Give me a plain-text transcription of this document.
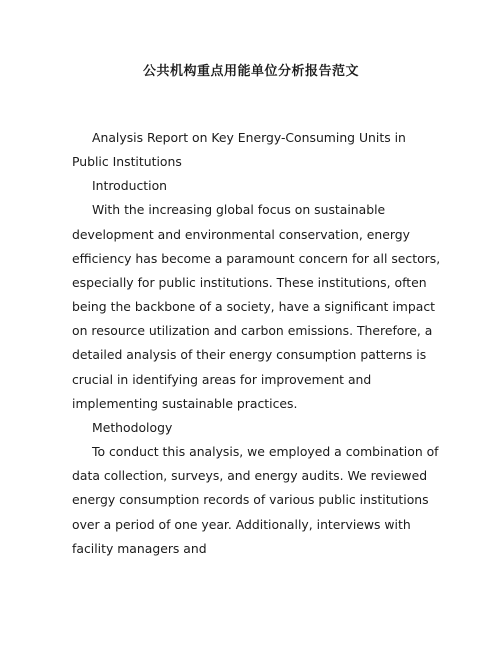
公共机构重点用能单位分析报告范文

Analysis Report on Key Energy-Consuming Units in Public Institutions

Introduction

With the increasing global focus on sustainable development and environmental conservation, energy efficiency has become a paramount concern for all sectors, especially for public institutions. These institutions, often being the backbone of a society, have a significant impact on resource utilization and carbon emissions. Therefore, a detailed analysis of their energy consumption patterns is crucial in identifying areas for improvement and implementing sustainable practices.

Methodology

To conduct this analysis, we employed a combination of data collection, surveys, and energy audits. We reviewed energy consumption records of various public institutions over a period of one year. Additionally, interviews with facility managers and
